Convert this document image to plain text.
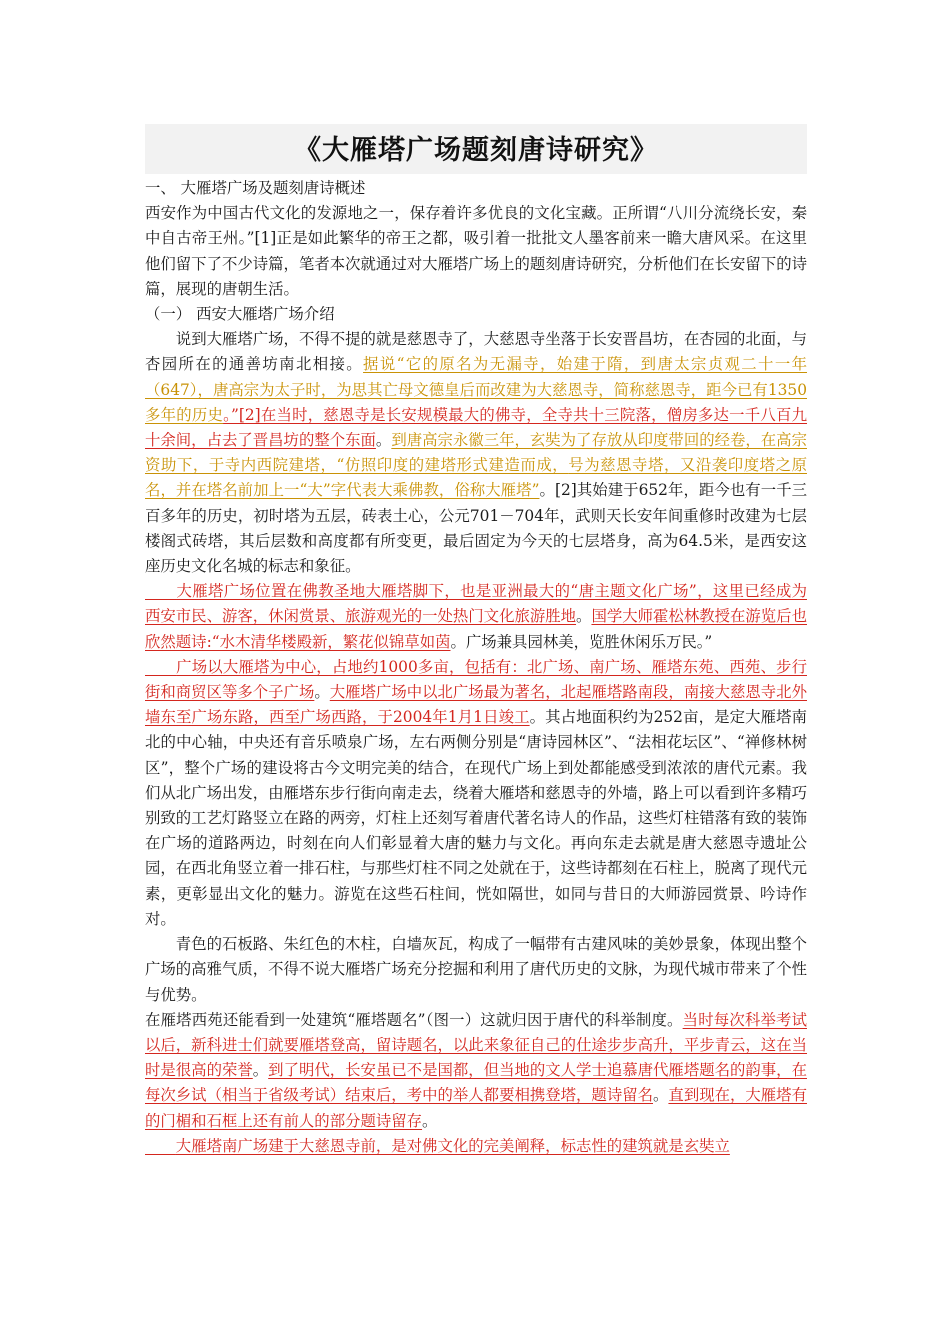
《大雁塔广场题刻唐诗研究》

一、 大雁塔广场及题刻唐诗概述

西安作为中国古代文化的发源地之一，保存着许多优良的文化宝藏。正所谓“八川分流绕长安，秦中自古帝王州。”[1]正是如此繁华的帝王之都，吸引着一批批文人墨客前来一瞻大唐风采。在这里他们留下了不少诗篇，笔者本次就通过对大雁塔广场上的题刻唐诗研究，分析他们在长安留下的诗篇，展现的唐朝生活。

（一） 西安大雁塔广场介绍

说到大雁塔广场，不得不提的就是慈恩寺了，大慈恩寺坐落于长安晋昌坊，在杏园的北面，与杏园所在的通善坊南北相接。据说“它的原名为无漏寺，始建于隋，到唐太宗贞观二十一年（647），唐高宗为太子时，为思其亡母文德皇后而改建为大慈恩寺，简称慈恩寺，距今已有1350多年的历史。”[2]在当时，慈恩寺是长安规模最大的佛寺，全寺共十三院落，僧房多达一千八百九十余间，占去了晋昌坊的整个东面。到唐高宗永徽三年，玄奘为了存放从印度带回的经卷，在高宗资助下，于寺内西院建塔，“仿照印度的建塔形式建造而成，号为慈恩寺塔，又沿袭印度塔之原名，并在塔名前加上一“大”字代表大乘佛教，俗称大雁塔”。[2]其始建于652年，距今也有一千三百多年的历史，初时塔为五层，砖表土心，公元701－704年，武则天长安年间重修时改建为七层楼阁式砖塔，其后层数和高度都有所变更，最后固定为今天的七层塔身，高为64.5米，是西安这座历史文化名城的标志和象征。

大雁塔广场位置在佛教圣地大雁塔脚下，也是亚洲最大的“唐主题文化广场”，这里已经成为西安市民、游客，休闲赏景、旅游观光的一处热门文化旅游胜地。国学大师霍松林教授在游览后也欣然题诗:“水木清华楼殿新，繁花似锦草如茵。广场兼具园林美，览胜休闲乐万民。”

广场以大雁塔为中心，占地约1000多亩，包括有：北广场、南广场、雁塔东苑、西苑、步行街和商贸区等多个子广场。大雁塔广场中以北广场最为著名，北起雁塔路南段，南接大慈恩寺北外墙东至广场东路，西至广场西路，于2004年1月1日竣工。其占地面积约为252亩，是定大雁塔南北的中心轴，中央还有音乐喷泉广场，左右两侧分别是“唐诗园林区”、“法相花坛区”、“禅修林树区”，整个广场的建设将古今文明完美的结合，在现代广场上到处都能感受到浓浓的唐代元素。我们从北广场出发，由雁塔东步行街向南走去，绕着大雁塔和慈恩寺的外墙，路上可以看到许多精巧别致的工艺灯路竖立在路的两旁，灯柱上还刻写着唐代著名诗人的作品，这些灯柱错落有致的装饰在广场的道路两边，时刻在向人们彰显着大唐的魅力与文化。再向东走去就是唐大慈恩寺遗址公园，在西北角竖立着一排石柱，与那些灯柱不同之处就在于，这些诗都刻在石柱上，脱离了现代元素，更彰显出文化的魅力。游览在这些石柱间，恍如隔世，如同与昔日的大师游园赏景、吟诗作对。

青色的石板路、朱红色的木柱，白墙灰瓦，构成了一幅带有古建风味的美妙景象，体现出整个广场的高雅气质，不得不说大雁塔广场充分挖掘和利用了唐代历史的文脉，为现代城市带来了个性与优势。

在雁塔西苑还能看到一处建筑“雁塔题名”（图一）这就归因于唐代的科举制度。当时每次科举考试以后，新科进士们就要雁塔登高，留诗题名，以此来象征自己的仕途步步高升，平步青云，这在当时是很高的荣誉。到了明代，长安虽已不是国都，但当地的文人学士追慕唐代雁塔题名的韵事，在每次乡试（相当于省级考试）结束后，考中的举人都要相携登塔，题诗留名。直到现在，大雁塔有的门楣和石框上还有前人的部分题诗留存。

大雁塔南广场建于大慈恩寺前，是对佛文化的完美阐释，标志性的建筑就是玄奘立
